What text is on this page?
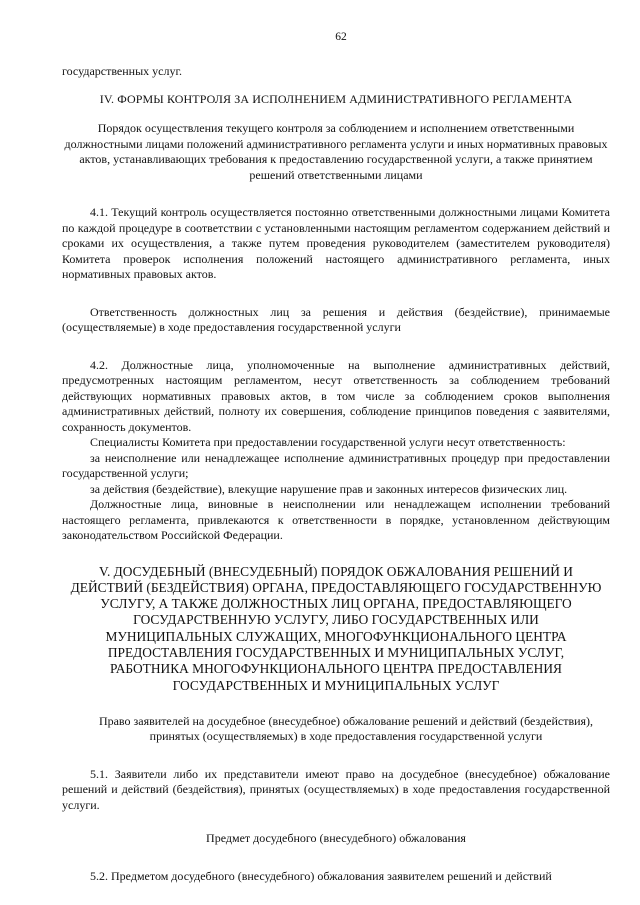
62
государственных услуг.
IV. ФОРМЫ КОНТРОЛЯ ЗА ИСПОЛНЕНИЕМ АДМИНИСТРАТИВНОГО РЕГЛАМЕНТА
Порядок осуществления текущего контроля за соблюдением и исполнением ответственными должностными лицами положений административного регламента услуги и иных нормативных правовых актов, устанавливающих требования к предоставлению государственной услуги, а также принятием решений ответственными лицами

4.1. Текущий контроль осуществляется постоянно ответственными должностными лицами Комитета по каждой процедуре в соответствии с установленными настоящим регламентом содержанием действий и сроками их осуществления, а также путем проведения руководителем (заместителем руководителя) Комитета проверок исполнения положений настоящего административного регламента, иных нормативных правовых актов.

Ответственность должностных лиц за решения и действия (бездействие), принимаемые (осуществляемые) в ходе предоставления государственной услуги

4.2. Должностные лица, уполномоченные на выполнение административных действий, предусмотренных настоящим регламентом, несут ответственность за соблюдением требований действующих нормативных правовых актов, в том числе за соблюдением сроков выполнения административных действий, полноту их совершения, соблюдение принципов поведения с заявителями, сохранность документов.

Специалисты Комитета при предоставлении государственной услуги несут ответственность:

за неисполнение или ненадлежащее исполнение административных процедур при предоставлении государственной услуги;

за действия (бездействие), влекущие нарушение прав и законных интересов физических лиц.

Должностные лица, виновные в неисполнении или ненадлежащем исполнении требований настоящего регламента, привлекаются к ответственности в порядке, установленном действующим законодательством Российской Федерации.

V. ДОСУДЕБНЫЙ (ВНЕСУДЕБНЫЙ) ПОРЯДОК ОБЖАЛОВАНИЯ РЕШЕНИЙ И ДЕЙСТВИЙ (БЕЗДЕЙСТВИЯ) ОРГАНА, ПРЕДОСТАВЛЯЮЩЕГО ГОСУДАРСТВЕННУЮ УСЛУГУ, А ТАКЖЕ ДОЛЖНОСТНЫХ ЛИЦ ОРГАНА, ПРЕДОСТАВЛЯЮЩЕГО ГОСУДАРСТВЕННУЮ УСЛУГУ, ЛИБО ГОСУДАРСТВЕННЫХ ИЛИ МУНИЦИПАЛЬНЫХ СЛУЖАЩИХ, МНОГОФУНКЦИОНАЛЬНОГО ЦЕНТРА ПРЕДОСТАВЛЕНИЯ ГОСУДАРСТВЕННЫХ И МУНИЦИПАЛЬНЫХ УСЛУГ, РАБОТНИКА МНОГОФУНКЦИОНАЛЬНОГО ЦЕНТРА ПРЕДОСТАВЛЕНИЯ ГОСУДАРСТВЕННЫХ И МУНИЦИПАЛЬНЫХ УСЛУГ
Право заявителей на досудебное (внесудебное) обжалование решений и действий (бездействия), принятых (осуществляемых) в ходе предоставления государственной услуги

5.1. Заявители либо их представители имеют право на досудебное (внесудебное) обжалование решений и действий (бездействия), принятых (осуществляемых) в ходе предоставления государственной услуги.

Предмет досудебного (внесудебного) обжалования

5.2. Предметом досудебного (внесудебного) обжалования заявителем решений и действий
